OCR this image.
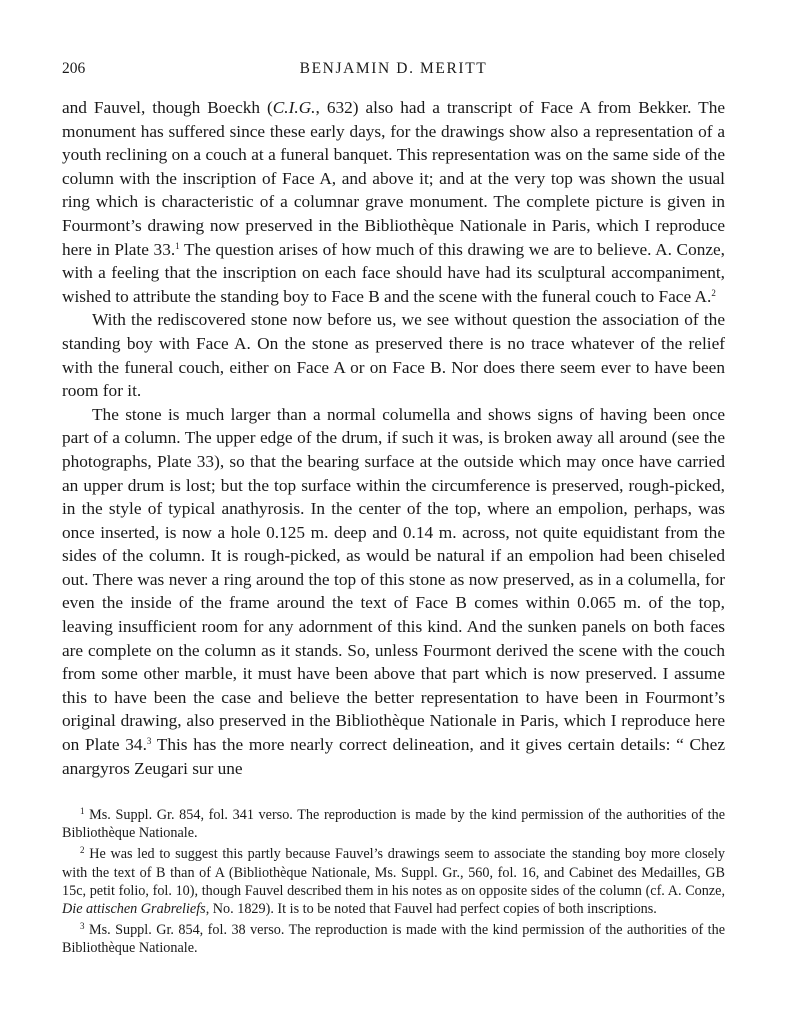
206	BENJAMIN D. MERITT

and Fauvel, though Boeckh (C.I.G., 632) also had a transcript of Face A from Bekker. The monument has suffered since these early days, for the drawings show also a representation of a youth reclining on a couch at a funeral banquet. This representation was on the same side of the column with the inscription of Face A, and above it; and at the very top was shown the usual ring which is characteristic of a columnar grave monument. The complete picture is given in Fourmont’s drawing now preserved in the Bibliothèque Nationale in Paris, which I reproduce here in Plate 33.$^1$ The question arises of how much of this drawing we are to believe. A. Conze, with a feeling that the inscription on each face should have had its sculptural accompaniment, wished to attribute the standing boy to Face B and the scene with the funeral couch to Face A.$^2$

With the rediscovered stone now before us, we see without question the association of the standing boy with Face A. On the stone as preserved there is no trace whatever of the relief with the funeral couch, either on Face A or on Face B. Nor does there seem ever to have been room for it.

The stone is much larger than a normal columella and shows signs of having been once part of a column. The upper edge of the drum, if such it was, is broken away all around (see the photographs, Plate 33), so that the bearing surface at the outside which may once have carried an upper drum is lost; but the top surface within the circumference is preserved, rough-picked, in the style of typical anathyrosis. In the center of the top, where an empolion, perhaps, was once inserted, is now a hole 0.125 m. deep and 0.14 m. across, not quite equidistant from the sides of the column. It is rough-picked, as would be natural if an empolion had been chiseled out. There was never a ring around the top of this stone as now preserved, as in a columella, for even the inside of the frame around the text of Face B comes within 0.065 m. of the top, leaving insufficient room for any adornment of this kind. And the sunken panels on both faces are complete on the column as it stands. So, unless Fourmont derived the scene with the couch from some other marble, it must have been above that part which is now preserved. I assume this to have been the case and believe the better representation to have been in Fourmont’s original drawing, also preserved in the Bibliothèque Nationale in Paris, which I reproduce here on Plate 34.$^3$ This has the more nearly correct delineation, and it gives certain details: “ Chez anargyros Zeugari sur une

$^1$ Ms. Suppl. Gr. 854, fol. 341 verso. The reproduction is made by the kind permission of the authorities of the Bibliothèque Nationale.

$^2$ He was led to suggest this partly because Fauvel’s drawings seem to associate the standing boy more closely with the text of B than of A (Bibliothèque Nationale, Ms. Suppl. Gr., 560, fol. 16, and Cabinet des Medailles, GB 15c, petit folio, fol. 10), though Fauvel described them in his notes as on opposite sides of the column (cf. A. Conze, Die attischen Grabreliefs, No. 1829). It is to be noted that Fauvel had perfect copies of both inscriptions.

$^3$ Ms. Suppl. Gr. 854, fol. 38 verso. The reproduction is made with the kind permission of the authorities of the Bibliothèque Nationale.
